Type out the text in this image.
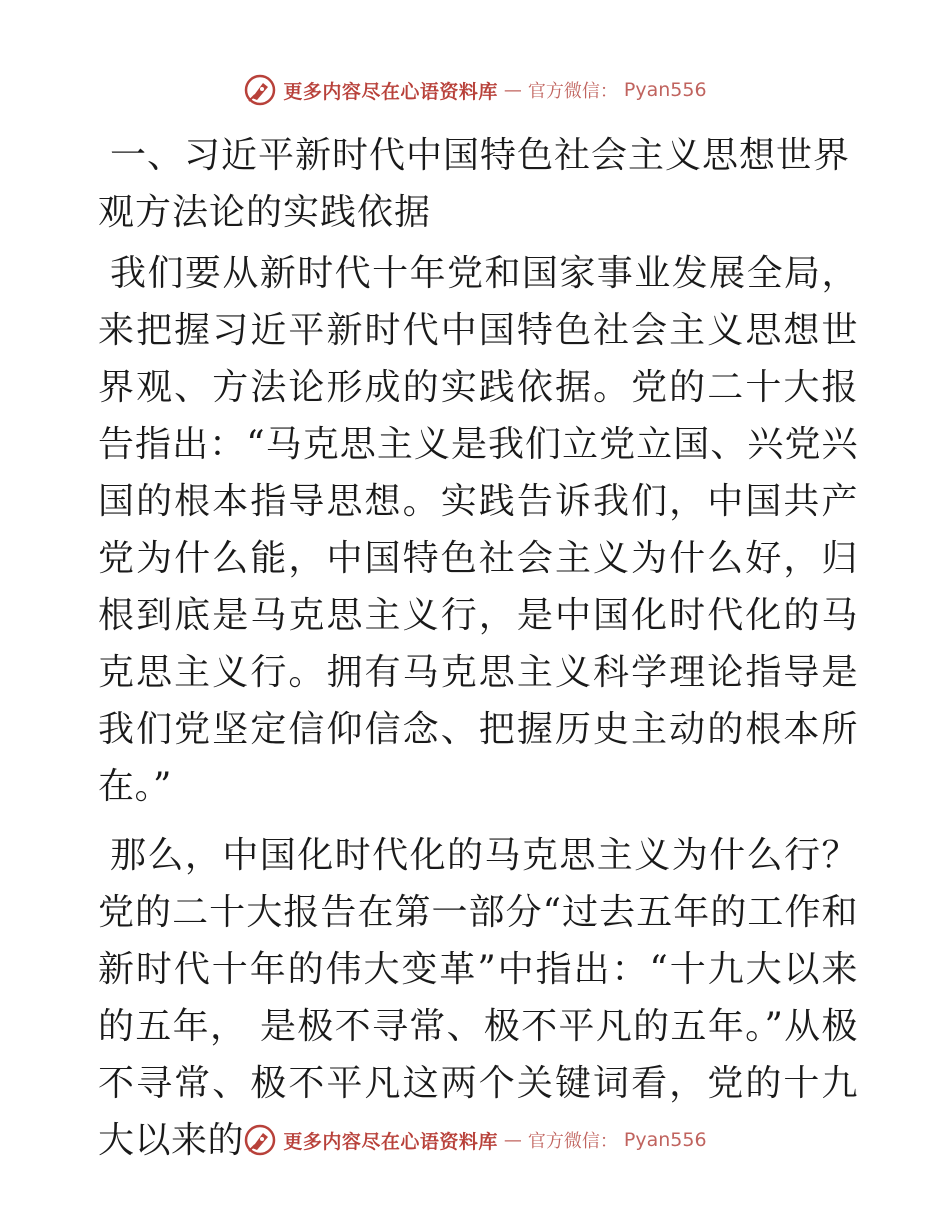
更多内容尽在心语资料库 — 官方微信： Pyan556
一、习近平新时代中国特色社会主义思想世界观方法论的实践依据

我们要从新时代十年党和国家事业发展全局，来把握习近平新时代中国特色社会主义思想世界观、方法论形成的实践依据。党的二十大报告指出：“马克思主义是我们立党立国、兴党兴国的根本指导思想。实践告诉我们，中国共产党为什么能，中国特色社会主义为什么好，归根到底是马克思主义行，是中国化时代化的马克思主义行。拥有马克思主义科学理论指导是我们党坚定信仰信念、把握历史主动的根本所在。”

那么，中国化时代化的马克思主义为什么行？党的二十大报告在第一部分“过去五年的工作和新时代十年的伟大变革”中指出：“十九大以来的五年， 是极不寻常、极不平凡的五年。”从极不寻常、极不平凡这两个关键词看，党的十九大以来的	更多内容尽在心语资料库 — 官方微信： Pyan556
